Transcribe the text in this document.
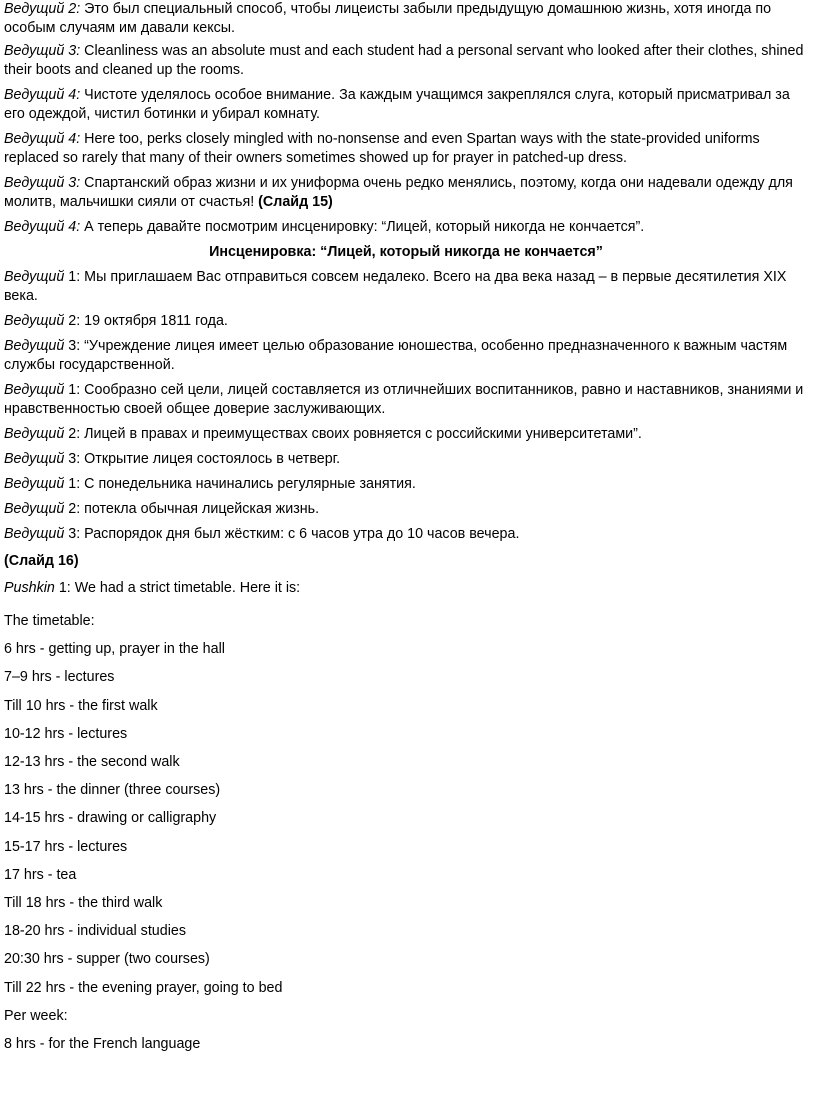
Ведущий 2: Это был специальный способ, чтобы лицеисты забыли предыдущую домашнюю жизнь, хотя иногда по особым случаям им давали кексы.

Ведущий 3: Cleanliness was an absolute must and each student had a personal servant who looked after their clothes, shined their boots and cleaned up the rooms.

Ведущий 4: Чистоте уделялось особое внимание. За каждым учащимся закреплялся слуга, который присматривал за его одеждой, чистил ботинки и убирал комнату.

Ведущий 4: Here too, perks closely mingled with no-nonsense and even Spartan ways with the state-provided uniforms replaced so rarely that many of their owners sometimes showed up for prayer in patched-up dress.

Ведущий 3: Спартанский образ жизни и их униформа очень редко менялись, поэтому, когда они надевали одежду для молитв, мальчишки сияли от счастья! (Слайд 15)

Ведущий 4: А теперь давайте посмотрим инсценировку: “Лицей, который никогда не кончается”.

Инсценировка: “Лицей, который никогда не кончается”

Ведущий 1: Мы приглашаем Вас отправиться совсем недалеко. Всего на два века назад – в первые десятилетия XIX века.

Ведущий 2: 19 октября 1811 года.

Ведущий 3: “Учреждение лицея имеет целью образование юношества, особенно предназначенного к важным частям службы государственной.

Ведущий 1: Сообразно сей цели, лицей составляется из отличнейших воспитанников, равно и наставников, знаниями и нравственностью своей общее доверие заслуживающих.

Ведущий 2: Лицей в правах и преимуществах своих ровняется с российскими университетами”.

Ведущий 3: Открытие лицея состоялось в четверг.

Ведущий 1: С понедельника начинались регулярные занятия.

Ведущий 2: потекла обычная лицейская жизнь.

Ведущий 3: Распорядок дня был жёстким: с 6 часов утра до 10 часов вечера.

(Слайд 16)

Pushkin 1: We had a strict timetable. Here it is:

The timetable:

6 hrs - getting up, prayer in the hall

7–9 hrs - lectures

Till 10 hrs - the first walk

10-12 hrs - lectures

12-13 hrs - the second walk

13 hrs - the dinner (three courses)

14-15 hrs - drawing or calligraphy

15-17 hrs - lectures

17 hrs - tea

Till 18 hrs - the third walk

18-20 hrs - individual studies

20:30 hrs - supper (two courses)

Till 22 hrs - the evening prayer, going to bed

Per week:

8 hrs - for the French language
